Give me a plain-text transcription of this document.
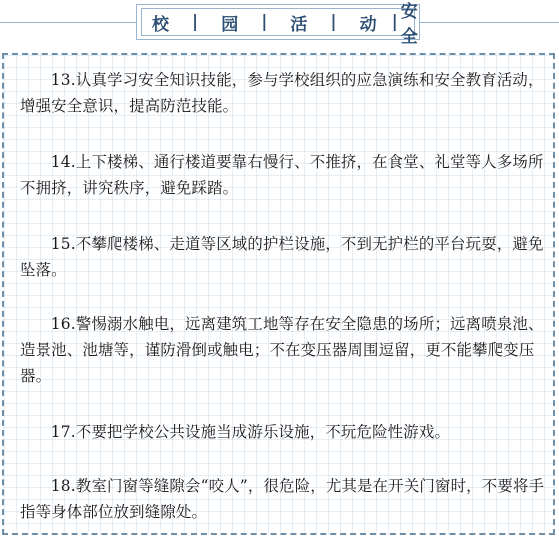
校 | 园 | 活 | 动 | 安全

13.认真学习安全知识技能，参与学校组织的应急演练和安全教育活动，增强安全意识，提高防范技能。

14.上下楼梯、通行楼道要靠右慢行、不推挤，在食堂、礼堂等人多场所不拥挤，讲究秩序，避免踩踏。

15.不攀爬楼梯、走道等区域的护栏设施，不到无护栏的平台玩耍，避免坠落。

16.警惕溺水触电，远离建筑工地等存在安全隐患的场所；远离喷泉池、造景池、池塘等，谨防滑倒或触电；不在变压器周围逗留，更不能攀爬变压器。

17.不要把学校公共设施当成游乐设施，不玩危险性游戏。

18.教室门窗等缝隙会“咬人”，很危险，尤其是在开关门窗时，不要将手指等身体部位放到缝隙处。
